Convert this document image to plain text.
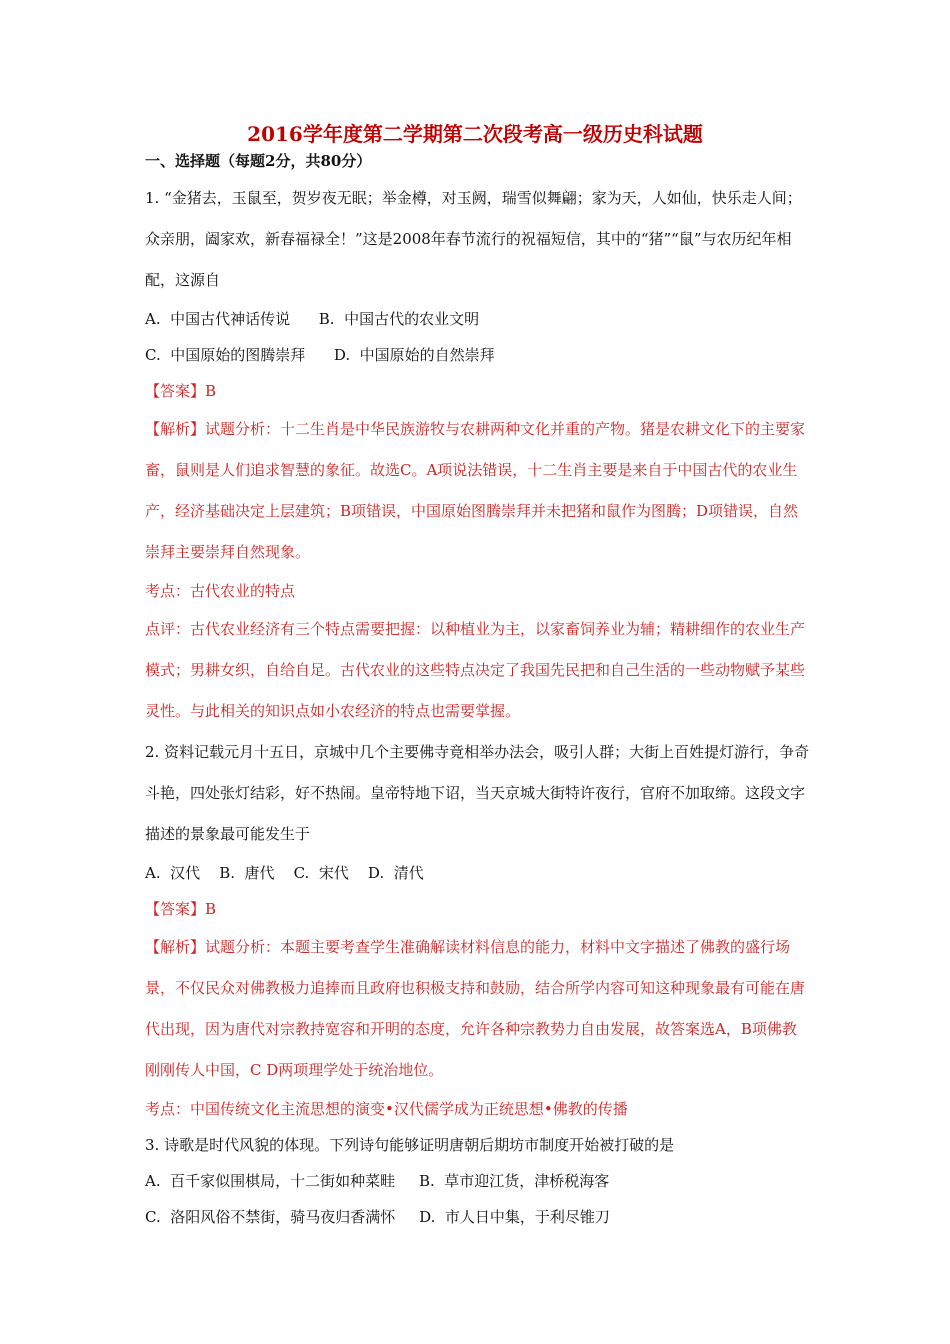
2016学年度第二学期第二次段考高一级历史科试题
一、选择题（每题2分，共80分）

1. “金猪去，玉鼠至，贺岁夜无眠；举金樽，对玉阙，瑞雪似舞翩；家为天，人如仙，快乐走人间；众亲朋，阖家欢，新春福禄全！”这是2008年春节流行的祝福短信，其中的“猪”“鼠”与农历纪年相配，这源自

A.  中国古代神话传说      B.  中国古代的农业文明

C.  中国原始的图腾崇拜      D.  中国原始的自然崇拜

【答案】B

【解析】试题分析：十二生肖是中华民族游牧与农耕两种文化并重的产物。猪是农耕文化下的主要家畜，鼠则是人们追求智慧的象征。故选C。A项说法错误，十二生肖主要是来自于中国古代的农业生产，经济基础决定上层建筑；B项错误，中国原始图腾崇拜并未把猪和鼠作为图腾；D项错误，自然崇拜主要崇拜自然现象。

考点：古代农业的特点

点评：古代农业经济有三个特点需要把握：以种植业为主，以家畜饲养业为辅；精耕细作的农业生产模式；男耕女织，自给自足。古代农业的这些特点决定了我国先民把和自己生活的一些动物赋予某些灵性。与此相关的知识点如小农经济的特点也需要掌握。

2. 资料记载元月十五日，京城中几个主要佛寺竟相举办法会，吸引人群；大街上百姓提灯游行，争奇斗艳，四处张灯结彩，好不热闹。皇帝特地下诏，当天京城大街特许夜行，官府不加取缔。这段文字描述的景象最可能发生于

A.  汉代    B.  唐代    C.  宋代    D.  清代

【答案】B

【解析】试题分析：本题主要考查学生准确解读材料信息的能力，材料中文字描述了佛教的盛行场景，不仅民众对佛教极力追捧而且政府也积极支持和鼓励，结合所学内容可知这种现象最有可能在唐代出现，因为唐代对宗教持宽容和开明的态度，允许各种宗教势力自由发展，故答案选A，B项佛教刚刚传人中国，C D两项理学处于统治地位。

考点：中国传统文化主流思想的演变•汉代儒学成为正统思想•佛教的传播

3. 诗歌是时代风貌的体现。下列诗句能够证明唐朝后期坊市制度开始被打破的是

A.  百千家似围棋局，十二街如种菜畦     B.  草市迎江货，津桥税海客

C.  洛阳风俗不禁街，骑马夜归香满怀     D.  市人日中集，于利尽锥刀
